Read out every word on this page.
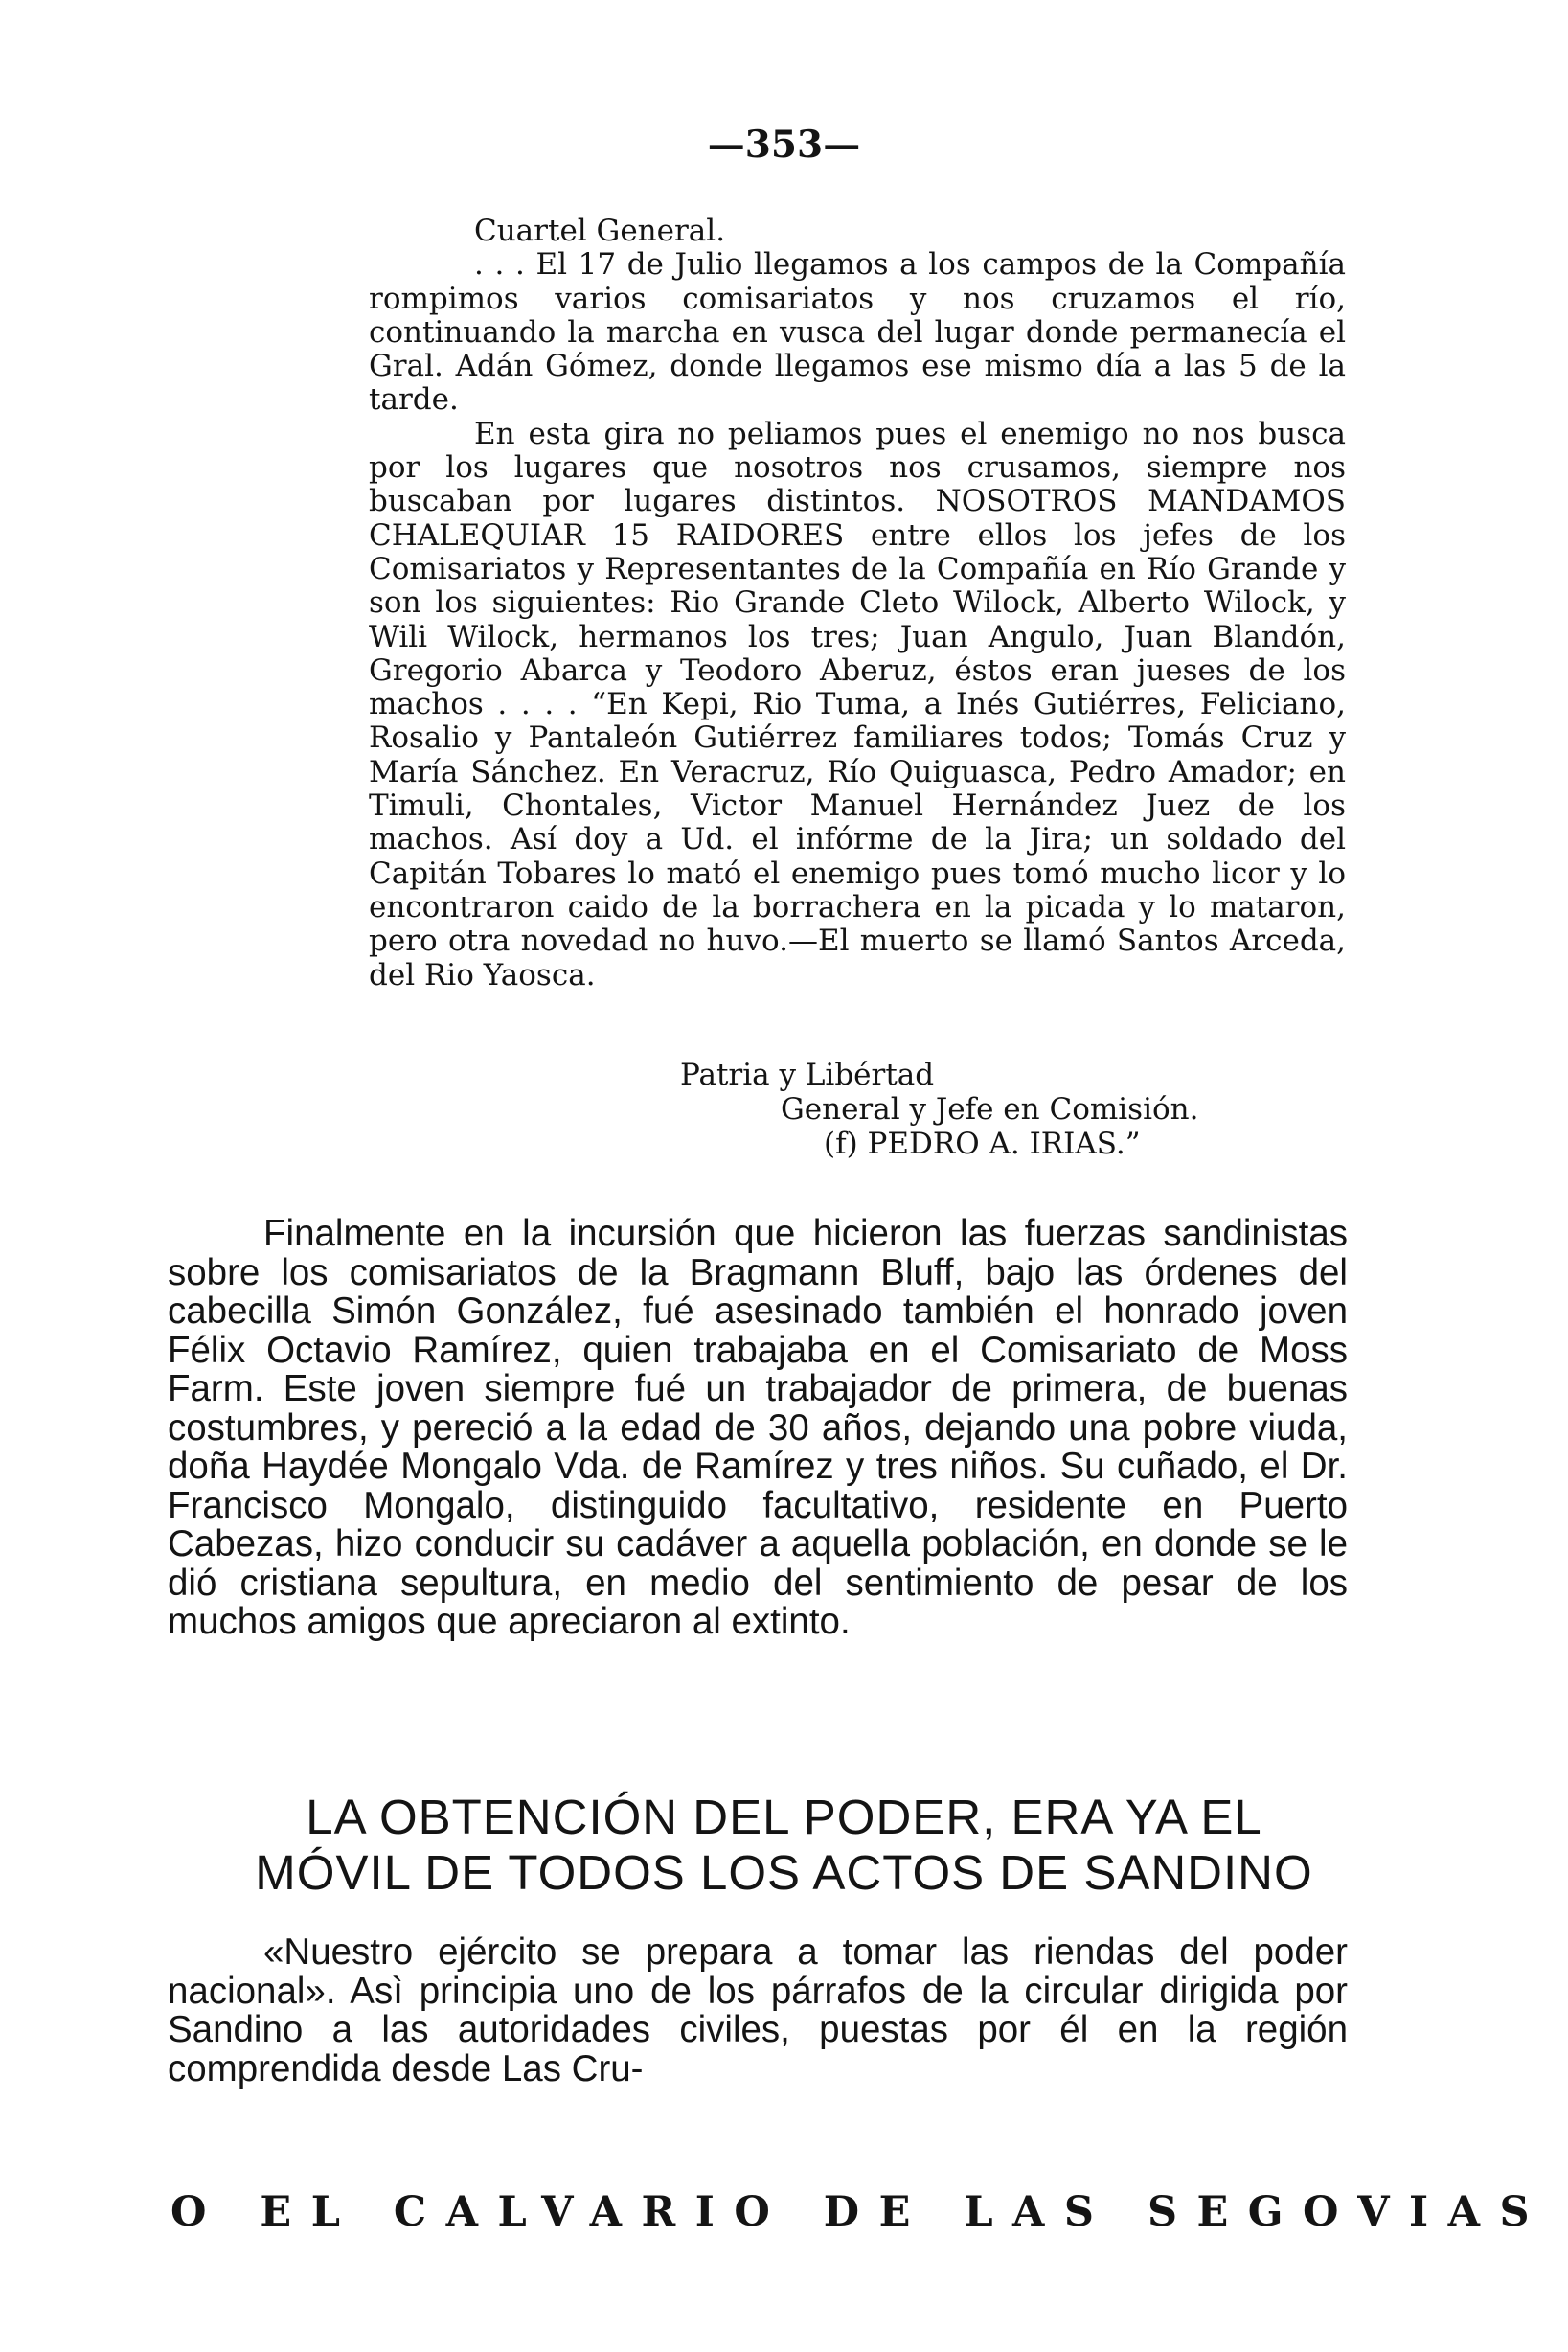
—353—

Cuartel General.

. . . El 17 de Julio llegamos a los campos de la Compañía rompimos varios comisariatos y nos cruzamos el río, continuando la marcha en vusca del lugar donde permanecía el Gral. Adán Gómez, donde llegamos ese mismo día a las 5 de la tarde.

En esta gira no peliamos pues el enemigo no nos busca por los lugares que nosotros nos crusamos, siempre nos buscaban por lugares distintos. NOSOTROS MANDAMOS CHALEQUIAR 15 RAIDORES entre ellos los jefes de los Comisariatos y Representantes de la Compañía en Río Grande y son los siguientes: Rio Grande Cleto Wilock, Alberto Wilock, y Wili Wilock, hermanos los tres; Juan Angulo, Juan Blandón, Gregorio Abarca y Teodoro Aberuz, éstos eran jueses de los machos . . . . “En Kepi, Rio Tuma, a Inés Gutiérres, Feliciano, Rosalio y Pantaleón Gutiérrez familiares todos; Tomás Cruz y María Sánchez. En Veracruz, Río Quiguasca, Pedro Amador; en Timuli, Chontales, Victor Manuel Hernández Juez de los machos. Así doy a Ud. el infórme de la Jira; un soldado del Capitán Tobares lo mató el enemigo pues tomó mucho licor y lo encontraron caido de la borrachera en la picada y lo mataron, pero otra novedad no huvo.—El muerto se llamó Santos Arceda, del Rio Yaosca.

Patria y Libértad
General y Jefe en Comisión.
(f) PEDRO A. IRIAS.”

Finalmente en la incursión que hicieron las fuerzas sandinistas sobre los comisariatos de la Bragmann Bluff, bajo las órdenes del cabecilla Simón González, fué asesinado también el honrado joven Félix Octavio Ramírez, quien trabajaba en el Comisariato de Moss Farm. Este joven siempre fué un trabajador de primera, de buenas costumbres, y pereció a la edad de 30 años, dejando una pobre viuda, doña Haydée Mongalo Vda. de Ramírez y tres niños. Su cuñado, el Dr. Francisco Mongalo, distinguido facultativo, residente en Puerto Cabezas, hizo conducir su cadáver a aquella población, en donde se le dió cristiana sepultura, en medio del sentimiento de pesar de los muchos amigos que apreciaron al extinto.

LA OBTENCIÓN DEL PODER, ERA YA EL
MÓVIL DE TODOS LOS ACTOS DE SANDINO

«Nuestro ejército se prepara a tomar las riendas del poder nacional». Asì principia uno de los párrafos de la circular dirigida por Sandino a las autoridades civiles, puestas por él en la región comprendida desde Las Cru-

O EL CALVARIO DE LAS SEGOVIAS
